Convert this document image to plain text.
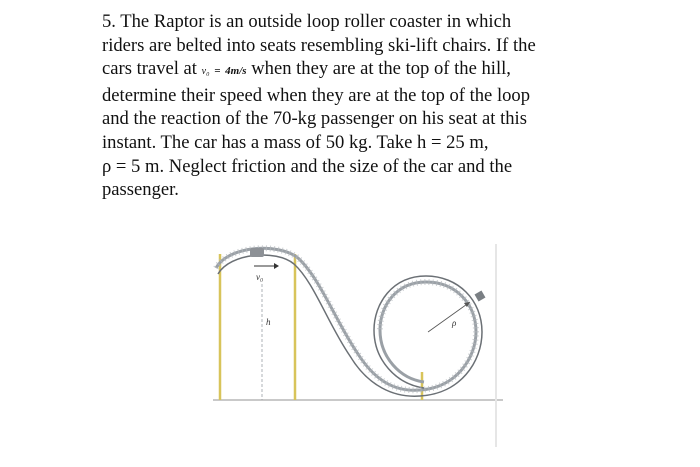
5. The Raptor is an outside loop roller coaster in which
riders are belted into seats resembling ski-lift chairs. If the
cars travel at v₀ = 4m/s when they are at the top of the hill,
determine their speed when they are at the top of the loop
and the reaction of the 70-kg passenger on his seat at this
instant. The car has a mass of 50 kg. Take h = 25 m,
ρ = 5 m. Neglect friction and the size of the car and the
passenger.
v₀
h	ρ
